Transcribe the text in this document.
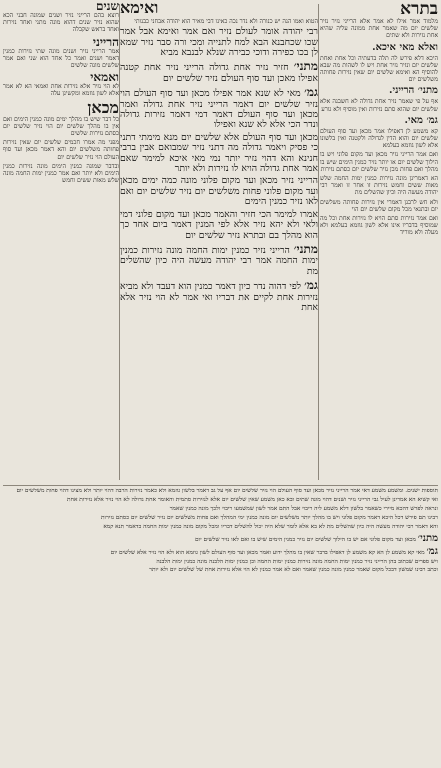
בתרא

מלמוד אמר אילו לא אמר אלא הרייני נזיר נזיר שלשים יום מה שאמר אחת ממונה עליה שהיא אחת נזירות ולא שתים

ואלא מאי איכא.

היכא דלא פירש לה תלה בדעתיה וכל אחת ואחת שלשים יום ונזיר נזיר אחת ויש לו לשהות מה שבא להוסיף הא ואימא שלשים יום שאין נזירות פחותה משלשים יום

מתני׳ הרייני.

אף על פי שאמר נזיר אחת גדולה לא חשבנה אלא שלשים יום שהוא סתם נזירות ואין מוסיף ולא גורע

גמ׳ מאי.

קא משמע לן דאפילו אמר מכאן ועד סוף העולם שלשים יום והוא הדין לגדולה ולקטנה ואין בלשונו אלא לשון גוזמא בעלמא

ואם אמר הרייני נזיר מכאן ועד מקום פלוני ויש בו הילוך שלשים יום או יותר נזיר כמנין הימים שיש בו מהלך ואם פחות מכן נזיר שלשים יום כסתם נזירות

הא דאמרינן מונה נזירות כמנין ימות החמה שלש מאות ששים וחמש נזירות זו אחר זו ואמר רבי יהודה מעשה היה וכיון שהשלים מת

ולא חש לרבנן דאמרי אין נזירות פחותה משלשים יום ובתנאי מכל מקום שלשים יום הוי

ואם אמר נזירות סתם הויא לו נזירות אחת וכל מה שמוסיף בדבריו אינו אלא לשון גוזמא בעלמא ולא מעלה ולא מוריד

ואימא

הטוא ואמו הנה יש כנורה ולא נדר נכה כאינו דבי מאיר הוא יהודה אבחני כבנותי

רבי יהודה אומר לעולם נזיר ואם אמר ואימא אבל אמר שכו שכחבנא הבא למח לתנייה ומכי ורה סבר נזיר שמא לן בכו כפירה ודוכי כבירה שנלא לבנבא מביא

מתני׳ חזיר נזיר אחת גדולה הרייני נזיר אחת קטנה אפילו מאכן ועד סוף העולם נזיר שלשים יום

גמ׳ מאי לא שנא אמר אפילו מכאן ועד סוף העולם הוי נזיר שלשים יום דאמר הרייני נזיר אחת גדולה ואמר מכאן ועד סוף העולם דאמר דמי דאמר נזירות גדולה ונדר הכי אלא לא שנא ואפילו

מכאן ועד סוף העולם אלא שלשים יום מנא מימתי דתני כי פסיק ויאמר גדולה מה דתני נזיר שמבואם אבין ברבי חנינא והא דהוי נזיר יותר נמי מאי איכא למימר שאם אמר אחת גדולה הויא לו נזירות ולא יותר

הרייני נזיר מכאן ועד מקום פלוני מונה כמה ימים מכאן ועד מקום פלוני פחות משלשים יום נזיר שלשים יום ואם לאו נזיר כמנין הימים

אמרו למימר הכי חזיר והאמר מכאן ועד מקום פלוני דמי ולאי ולא יהא נזיר אלא לפי המנין דאמר ביום אחד כך הוא מהלך בם ובתרא נזיר שלשים יום

מתני׳ הרייני נזיר כמנין ימות החמה מונה נזירות כמנין ימות החמה אמר רבי יהודה מעשה היה כיון שהשלים מת

גמ׳ לפי דהוה נדר כיון דאמר כמנין הוא דעבד ולא מביא נזירות אחת לקיים את דבריו ואי אמר לא הוי נזיר אלא אחת

שנים

רוצא בהם הרייני נזיר ושנים שמונה חבני הכא שהוא נזיר שנים דהוא מונה מתני ואחד נזירות ואחד בראש שקבלה

הרייני

אמר הרייני נזיר ושנים מונה שתי נזירות כמנין דאמר ושנים ואמר כל אחד הוא שני ואם אמר שלשים מונה שלשים

ואמאי

לא הוי נזיר אלא נזירות אחת ואמאי הא לא אמר אלא לשון גוזמא ומקשינן עלה

מכאן

כל דבר שיש בו מהלך ימים מונה כמנין הימים ואם אין בו מהלך שלשים יום הוי נזיר שלשים יום כסתם נזירות שלשים

מפני מה אמרו חכמים שלשים יום שאין נזירות פחותה משלשים יום והא דאמר מכאן ועד סוף העולם הוי נזיר שלשים יום

ובדבר שמונה כמנין הימים מונה נזירות כמנין הימים ולא יותר ואם אמר כמנין ימות החמה מונה שלש מאות ששים וחמש

תוספות ישנים. ומשמע משמע דאי אמר הרייני נזיר מכאן ועד סוף העולם הוי נזיר שלשים יום אף על גב דאמר בלשון גוזמא ולא כאמר נזירות הרבה דהוי יותר ולא מצינו דהוי פחות משלשים יום

ואי קשיא הא אמרינן לעיל גבי הרייני נזיר ושנים דהוי מונה שתים ובא כאן משמע שאין שלשים יום אלא לנזירות סתמית והאומר אחת גדולה לא הוי נזיר אלא נזירות אחת

ונראה לפרש דהכא מיירי כשאמר בלשון דלא משמע ליה ריבוי אבל התם אמר לשון שמשמעו ריבוי ולכך מונה כמנין שאמר

רבינו תם פירש דכל היכא דאמר מקום פלוני ויש בו מהלך יותר משלשים יום מונה כמנין ימי המהלך ואם פחות משלשים יום נזיר שלשים יום כסתם נזירות

והא דאמר רבי יהודה מעשה היה כיון שהשלים מת לא בא אלא לומר שלא היה יכול להשלים דבריו ומכל מקום מונה כמנין ימות החמה כדאמר תנא קמא

מתני׳ מכאן ועד מקום פלוני אם יש בו הילוך שלשים יום נזיר כמנין הימים שיש בו ואם לאו נזיר שלשים יום

גמ׳ מאי קא משמע לן הא קא משמע לן דאפילו בדבר שאין בו מהלך ידוע ואמר מכאן ועד סוף העולם לשון גוזמא הוא ולא הוי נזיר אלא שלשים יום

ויש ספרים שכתוב בהן הרייני נזיר כמנין ימות החמה מונה נזירות כמנין ימות החמה וכן כמנין ימות הלבנה מונה כמנין ימות הלבנה

וכתב רבינו שמשון דבכל מקום שאמר כמנין מונה כמנין שאמר ואם לא אמר כמנין לא הוי אלא נזירות אחת של שלשים יום ולא יותר
